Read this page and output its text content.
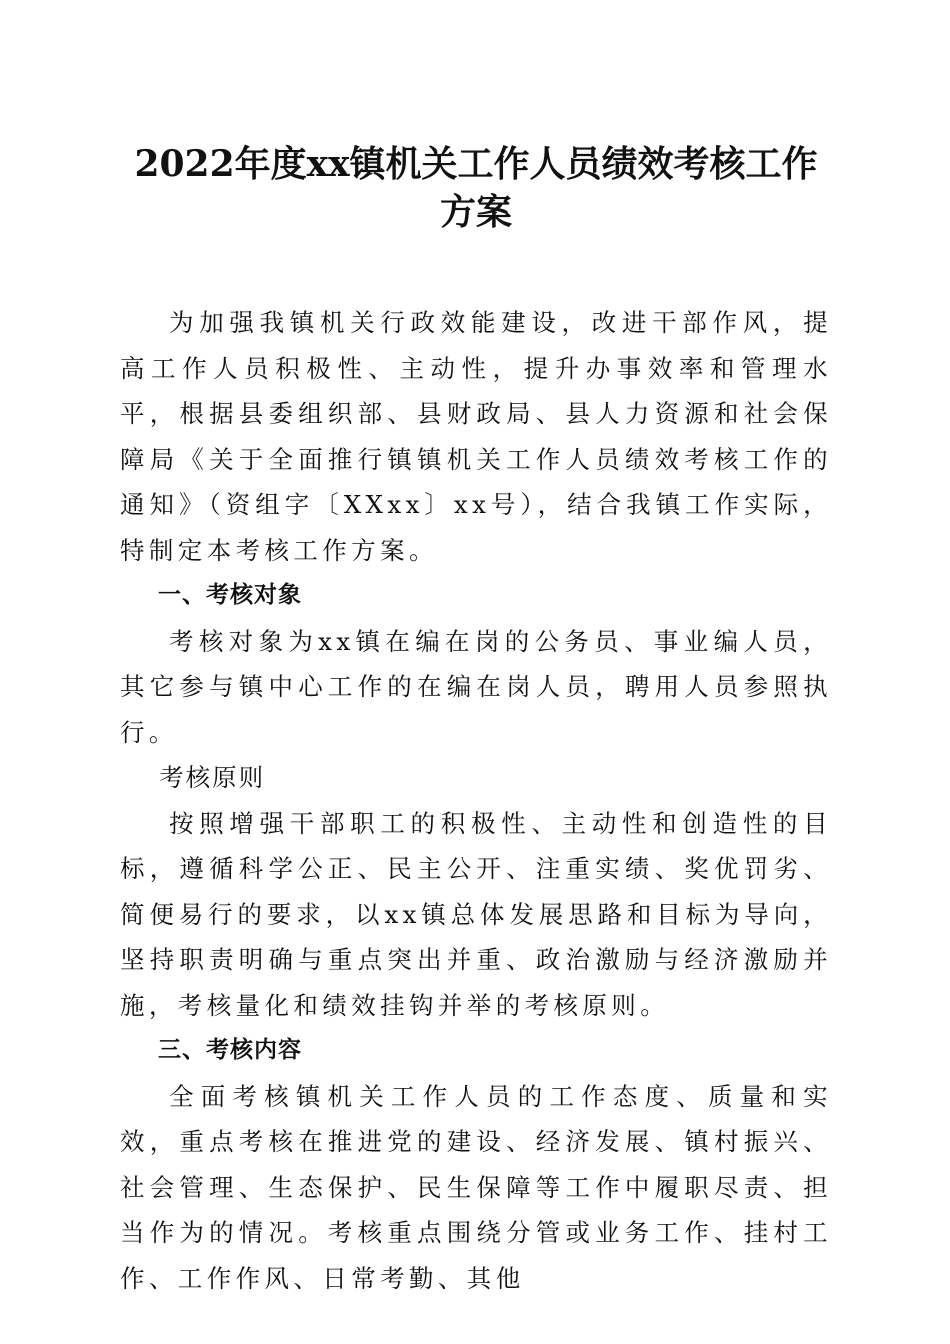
2022年度xx镇机关工作人员绩效考核工作方案

为加强我镇机关行政效能建设，改进干部作风，提高工作人员积极性、主动性，提升办事效率和管理水平，根据县委组织部、县财政局、县人力资源和社会保障局《关于全面推行镇镇机关工作人员绩效考核工作的通知》（资组字〔XXxx〕xx号），结合我镇工作实际，特制定本考核工作方案。

一、考核对象

考核对象为xx镇在编在岗的公务员、事业编人员，其它参与镇中心工作的在编在岗人员，聘用人员参照执行。

考核原则

按照增强干部职工的积极性、主动性和创造性的目标，遵循科学公正、民主公开、注重实绩、奖优罚劣、简便易行的要求，以xx镇总体发展思路和目标为导向，坚持职责明确与重点突出并重、政治激励与经济激励并施，考核量化和绩效挂钩并举的考核原则。

三、考核内容

全面考核镇机关工作人员的工作态度、质量和实效，重点考核在推进党的建设、经济发展、镇村振兴、社会管理、生态保护、民生保障等工作中履职尽责、担当作为的情况。考核重点围绕分管或业务工作、挂村工作、工作作风、日常考勤、其他
